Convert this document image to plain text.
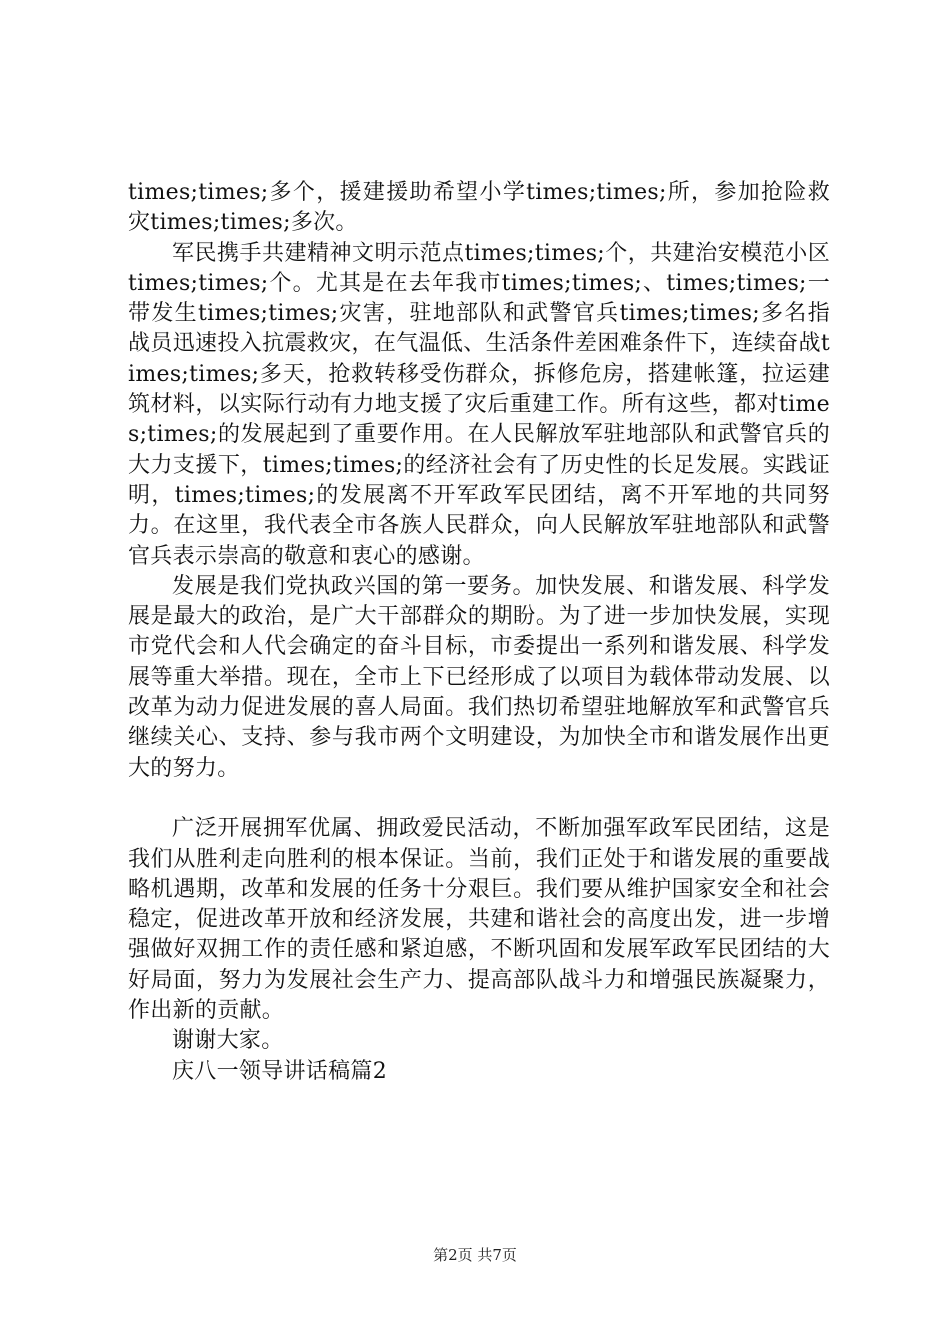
times;times;多个，援建援助希望小学times;times;所，参加抢险救灾times;times;多次。

军民携手共建精神文明示范点times;times;个，共建治安模范小区times;times;个。尤其是在去年我市times;times;、times;times;一带发生times;times;灾害，驻地部队和武警官兵times;times;多名指战员迅速投入抗震救灾，在气温低、生活条件差困难条件下，连续奋战times;times;多天，抢救转移受伤群众，拆修危房，搭建帐篷，拉运建筑材料，以实际行动有力地支援了灾后重建工作。所有这些，都对times;times;的发展起到了重要作用。在人民解放军驻地部队和武警官兵的大力支援下，times;times;的经济社会有了历史性的长足发展。实践证明，times;times;的发展离不开军政军民团结，离不开军地的共同努力。在这里，我代表全市各族人民群众，向人民解放军驻地部队和武警官兵表示崇高的敬意和衷心的感谢。

发展是我们党执政兴国的第一要务。加快发展、和谐发展、科学发展是最大的政治，是广大干部群众的期盼。为了进一步加快发展，实现市党代会和人代会确定的奋斗目标，市委提出一系列和谐发展、科学发展等重大举措。现在，全市上下已经形成了以项目为载体带动发展、以改革为动力促进发展的喜人局面。我们热切希望驻地解放军和武警官兵继续关心、支持、参与我市两个文明建设，为加快全市和谐发展作出更大的努力。

广泛开展拥军优属、拥政爱民活动，不断加强军政军民团结，这是我们从胜利走向胜利的根本保证。当前，我们正处于和谐发展的重要战略机遇期，改革和发展的任务十分艰巨。我们要从维护国家安全和社会稳定，促进改革开放和经济发展，共建和谐社会的高度出发，进一步增强做好双拥工作的责任感和紧迫感，不断巩固和发展军政军民团结的大好局面，努力为发展社会生产力、提高部队战斗力和增强民族凝聚力，作出新的贡献。

谢谢大家。

庆八一领导讲话稿篇2

第2页 共7页
